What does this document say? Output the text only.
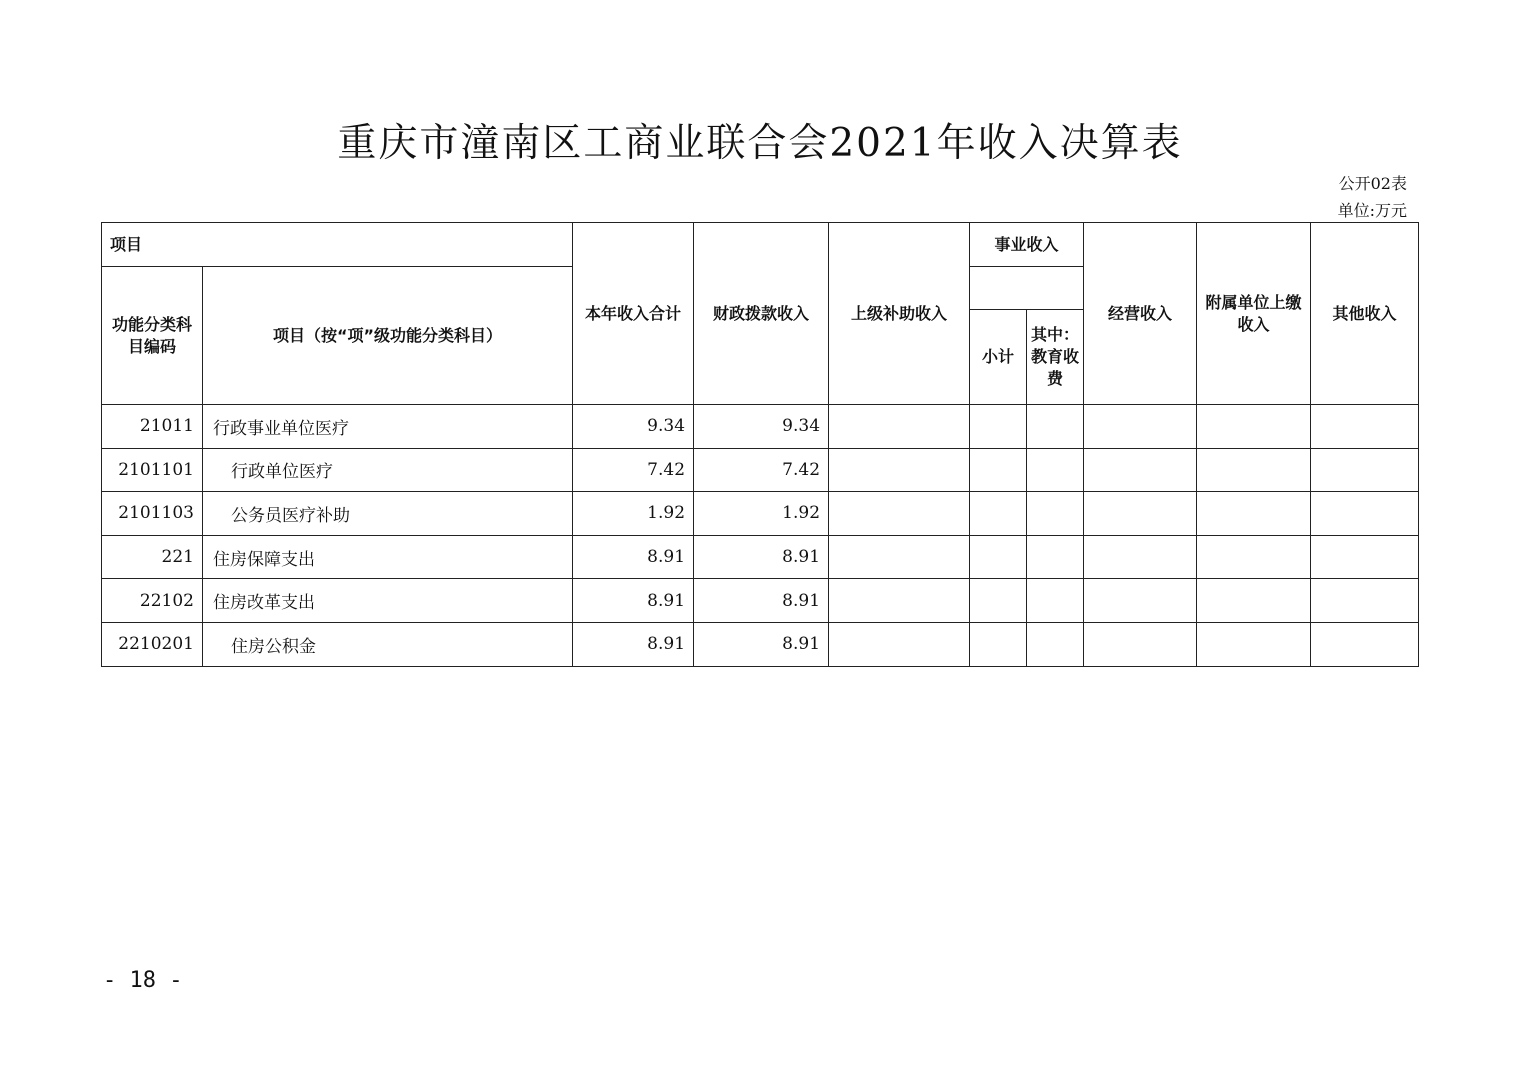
重庆市潼南区工商业联合会2021年收入决算表
公开02表
单位:万元
项目		本年收入合计	财政拨款收入	上级补助收入	事业收入		经营收入	附属单位上缴收入	其他收入
功能分类科目编码	项目（按“项”级功能分类科目）								
					小计	其中：教育收费			
21011	行政事业单位医疗	9.34	9.34						
2101101	行政单位医疗	7.42	7.42						
2101103	公务员医疗补助	1.92	1.92						
221	住房保障支出	8.91	8.91						
22102	住房改革支出	8.91	8.91						
2210201	住房公积金	8.91	8.91						
- 18 -
